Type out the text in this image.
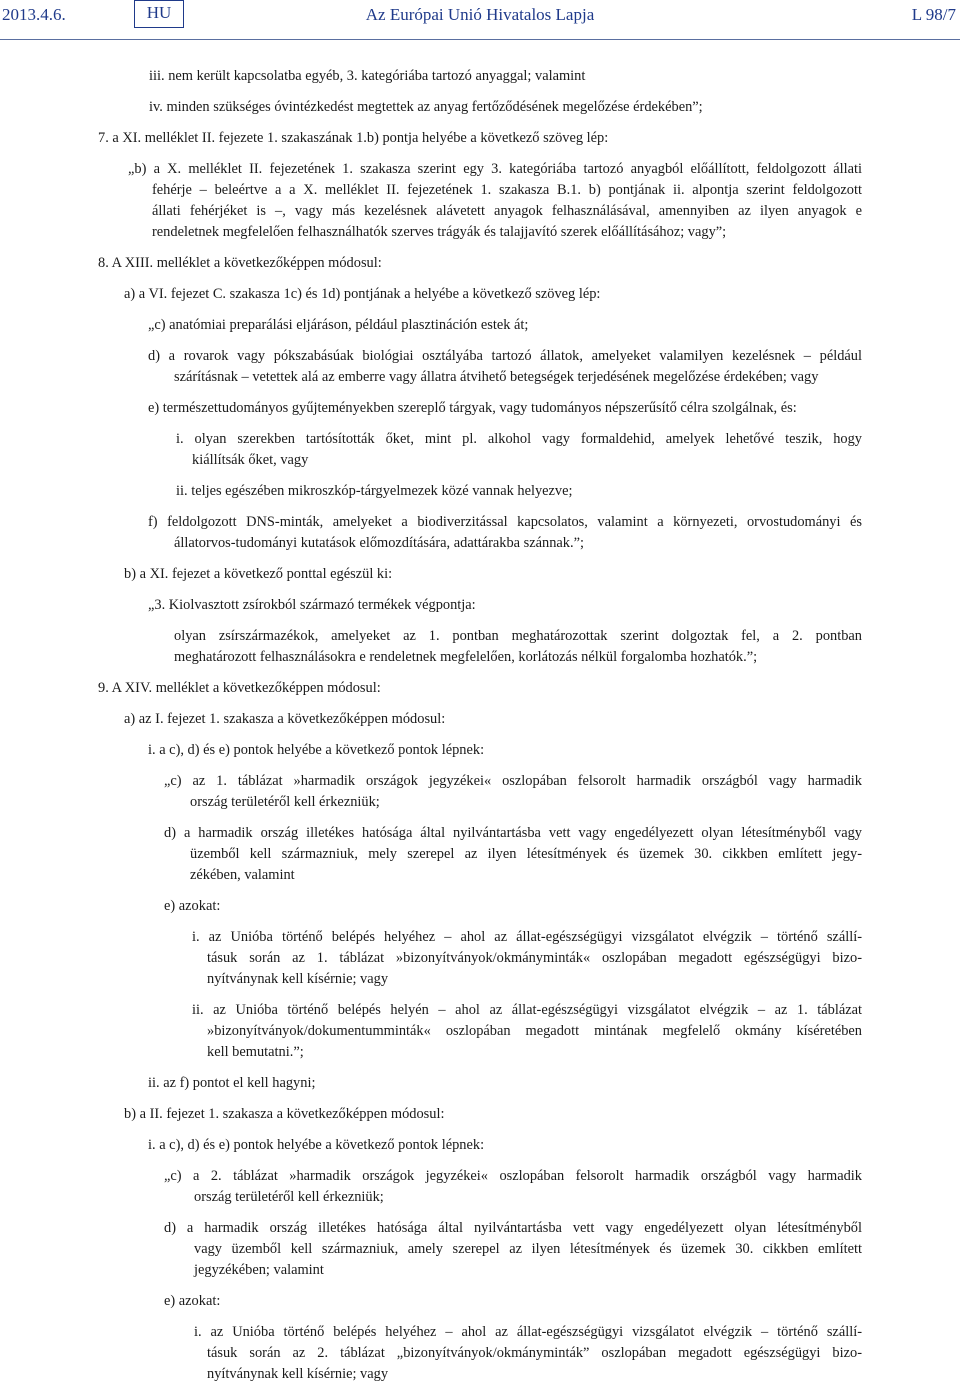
2013.4.6.	HU	Az Európai Unió Hivatalos Lapja	L 98/7
iii. nem került kapcsolatba egyéb, 3. kategóriába tartozó anyaggal; valamint
iv. minden szükséges óvintézkedést megtettek az anyag fertőződésének megelőzése érdekében”;
7. a XI. melléklet II. fejezete 1. szakaszának 1.b) pontja helyébe a következő szöveg lép:
„b) a X. melléklet II. fejezetének 1. szakasza szerint egy 3. kategóriába tartozó anyagból előállított, feldolgozott állati
fehérje – beleértve a a X. melléklet II. fejezetének 1. szakasza B.1. b) pontjának ii. alpontja szerint feldolgozott
állati fehérjéket is –, vagy más kezelésnek alávetett anyagok felhasználásával, amennyiben az ilyen anyagok e
rendeletnek megfelelően felhasználhatók szerves trágyák és talajjavító szerek előállításához; vagy”;
8. A XIII. melléklet a következőképpen módosul:
a) a VI. fejezet C. szakasza 1c) és 1d) pontjának a helyébe a következő szöveg lép:
„c) anatómiai preparálási eljáráson, például plasztináción estek át;
d) a rovarok vagy pókszabásúak biológiai osztályába tartozó állatok, amelyeket valamilyen kezelésnek – például
szárításnak – vetettek alá az emberre vagy állatra átvihető betegségek terjedésének megelőzése érdekében; vagy
e) természettudományos gyűjteményekben szereplő tárgyak, vagy tudományos népszerűsítő célra szolgálnak, és:
i. olyan szerekben tartósították őket, mint pl. alkohol vagy formaldehid, amelyek lehetővé teszik, hogy
kiállítsák őket, vagy
ii. teljes egészében mikroszkóp-tárgyelmezek közé vannak helyezve;
f) feldolgozott DNS-minták, amelyeket a biodiverzitással kapcsolatos, valamint a környezeti, orvostudományi és
állatorvos-tudományi kutatások előmozdítására, adattárakba szánnak.”;
b) a XI. fejezet a következő ponttal egészül ki:
„3. Kiolvasztott zsírokból származó termékek végpontja:
olyan zsírszármazékok, amelyeket az 1. pontban meghatározottak szerint dolgoztak fel, a 2. pontban
meghatározott felhasználásokra e rendeletnek megfelelően, korlátozás nélkül forgalomba hozhatók.”;
9. A XIV. melléklet a következőképpen módosul:
a) az I. fejezet 1. szakasza a következőképpen módosul:
i. a c), d) és e) pontok helyébe a következő pontok lépnek:
„c) az 1. táblázat »harmadik országok jegyzékei« oszlopában felsorolt harmadik országból vagy harmadik
ország területéről kell érkezniük;
d) a harmadik ország illetékes hatósága által nyilvántartásba vett vagy engedélyezett olyan létesítményből vagy
üzemből kell származniuk, mely szerepel az ilyen létesítmények és üzemek 30. cikkben említett jegy-
zékében, valamint
e) azokat:
i. az Unióba történő belépés helyéhez – ahol az állat-egészségügyi vizsgálatot elvégzik – történő szállí-
tásuk során az 1. táblázat »bizonyítványok/okmányminták« oszlopában megadott egészségügyi bizo-
nyítványnak kell kísérnie; vagy
ii. az Unióba történő belépés helyén – ahol az állat-egészségügyi vizsgálatot elvégzik – az 1. táblázat
»bizonyítványok/dokumentumminták« oszlopában megadott mintának megfelelő okmány kíséretében
kell bemutatni.”;
ii. az f) pontot el kell hagyni;
b) a II. fejezet 1. szakasza a következőképpen módosul:
i. a c), d) és e) pontok helyébe a következő pontok lépnek:
„c) a 2. táblázat »harmadik országok jegyzékei« oszlopában felsorolt harmadik országból vagy harmadik
ország területéről kell érkezniük;
d) a harmadik ország illetékes hatósága által nyilvántartásba vett vagy engedélyezett olyan létesítményből
vagy üzemből kell származniuk, amely szerepel az ilyen létesítmények és üzemek 30. cikkben említett
jegyzékében; valamint
e) azokat:
i. az Unióba történő belépés helyéhez – ahol az állat-egészségügyi vizsgálatot elvégzik – történő szállí-
tásuk során az 2. táblázat „bizonyítványok/okmányminták” oszlopában megadott egészségügyi bizo-
nyítványnak kell kísérnie; vagy
